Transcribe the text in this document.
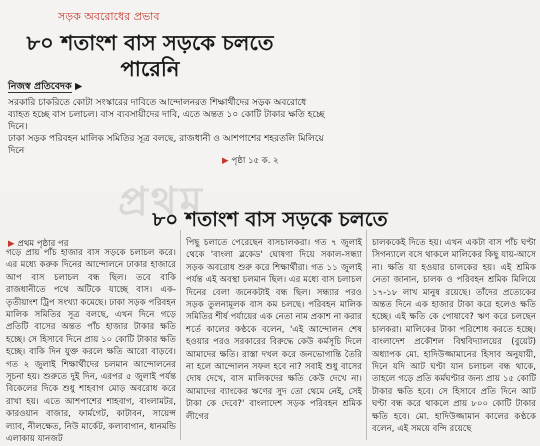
সড়ক অবরোধের প্রভাব
৮০ শতাংশ বাস সড়কে চলতে পারেনি
নিজস্ব প্রতিবেদক ▶

সরকারি চাকরিতে কোটা সংস্কারের দাবিতে আন্দোলনরত শিক্ষার্থীদের সড়ক অবরোধে ব্যাহত হচ্ছে বাস চলাচল। বাস ব্যবসায়ীদের দাবি, এতে অন্তত ১০ কোটি টাকার ক্ষতি হচ্ছে দিনে।

ঢাকা সড়ক পরিবহন মালিক সমিতির সূত্র বলছে, রাজধানী ও আশপাশের শহরতলি মিলিয়ে দিনে

▶ পৃষ্ঠা ১৫ ক. ২
প্রথম
৮০ শতাংশ বাস সড়কে চলতে
▶ প্রথম পৃষ্ঠার পর

গড়ে প্রায় পাঁচ হাজার বাস সড়কে চলাচল করে। এর মধ্যে করুক দিনের আন্দোলনে ঢাকার হাজারে আপ বাস চলাচল বন্ধ ছিল। তবে বাকি রাজধানীতে পথে অটিকে যাচ্ছে বাস। এক-তৃতীয়াংশ ট্রিপ সংখ্যা কমেছে। ঢাকা সড়ক পরিবহন মালিক সমিতির সূত্র বলছে, এখন দিনে গড়ে প্রতিটি বাসের অন্তত পাঁচ হাজার টাকার ক্ষতি হচ্ছে। সে হিসাবে দিনে প্রায় ১০ কোটি টাকার ক্ষতি হচ্ছে। বাকি দিন যুক্ত করলে ক্ষতি আরো বাড়বে। গত ২ জুলাই শিক্ষার্থীদের চলমান আন্দোলনের সূচনা হয়। শুরুতে দুই দিন, এরপর ৫ জুলাই পর্যন্ত বিকেলের দিকে শুধু শাহবাগ মোড় অবরোধ করে রাখা হয়। এতে আশপাশের শাহবাগ, বাংলামটর, কারওয়ান বাজার, ফার্মগেট, কাটাবন, সায়েন্স ল্যাব, নীলক্ষেত, নিউ মার্কেট, কলাবাগান, ধানমন্ডি এলাকায় যানজট

পিছু চলাতে পেরেছেন বাসচালকরা। গত ৭ জুলাই থেকে 'বাংলা ব্লকেড' ঘোষণা দিয়ে সকাল-সন্ধ্যা সড়ক অবরোধ শুরু করে শিক্ষার্থীরা। গত ১১ জুলাই পর্যন্ত এই অবস্থা চলমান ছিল। এর মধ্যে বাস চলাচল দিনের বেলা জনেকটাই বন্ধ ছিল। সন্ধ্যার পরও সড়ক তুলনামূলক বাস কম চলছে। পরিবহন মালিক সমিতির শীর্ষ পর্যায়ের এক নেতা নাম প্রকাশ না করার শর্তে কালের কণ্ঠকে বলেন, 'এই আন্দোলন শেষ হওয়ার পরও সরকারের বিরুদ্ধে কেউ কর্মসূচি দিলে আমাদের ক্ষতি। রাস্তা দখল করে জনভোগান্তি তৈরি না হলে আন্দোলন সফল হবে না? সবাই শুধু বাসের দোষ দেখে, বাস মালিকদের ক্ষতি কেউ দেখে না। আমাদের ব্যাংকের ঋণের সুদ তো থেমে নেই, সেই টাকা কে দেবে?' বাংলাদেশ সড়ক পরিবহন শ্রমিক লীগের

চালককেই দিতে হয়। এখন একটা বাস পাঁচ ঘণ্টা সিগন্যালে বসে থাকলে মালিকের কিছু যায়-আসে না। ক্ষতি যা হওয়ার চালকের হয়। এই শ্রমিক নেতা জানান, চালক ও পরিবহন শ্রমিক মিলিয়ে ১৭-১৮ লাখ মানুষ রয়েছে। তাঁদের প্রত্যেকের অন্তত দিনে এক হাজার টাকা করে হলেও ক্ষতি হচ্ছে। এই ক্ষতি কে পোষাবে? ঋণ করে চলছেন চালকরা। মালিকের টাকা পরিশোধ করতে হচ্ছে। বাংলাদেশ প্রকৌশল বিশ্ববিদ্যালয়ের (বুয়েট) অধ্যাপক মো. হাদিউজ্জামানের হিসাব অনুযায়ী, দিনে যদি আট ঘণ্টা যান চলাচল বন্ধ থাকে, তাহলে গড়ে প্রতি কর্মঘণ্টার জন্য প্রায় ১৫ কোটি টাকার ক্ষতি হবে। সে হিসাবে প্রতি দিনে আট ঘণ্টা বন্ধ করে থাকলে প্রায় ৮০০ কোটি টাকার ক্ষতি হবে। মো. হাদিউজ্জামান কালের কণ্ঠকে বলেন, এই সময়ে বন্দি রয়েছে
